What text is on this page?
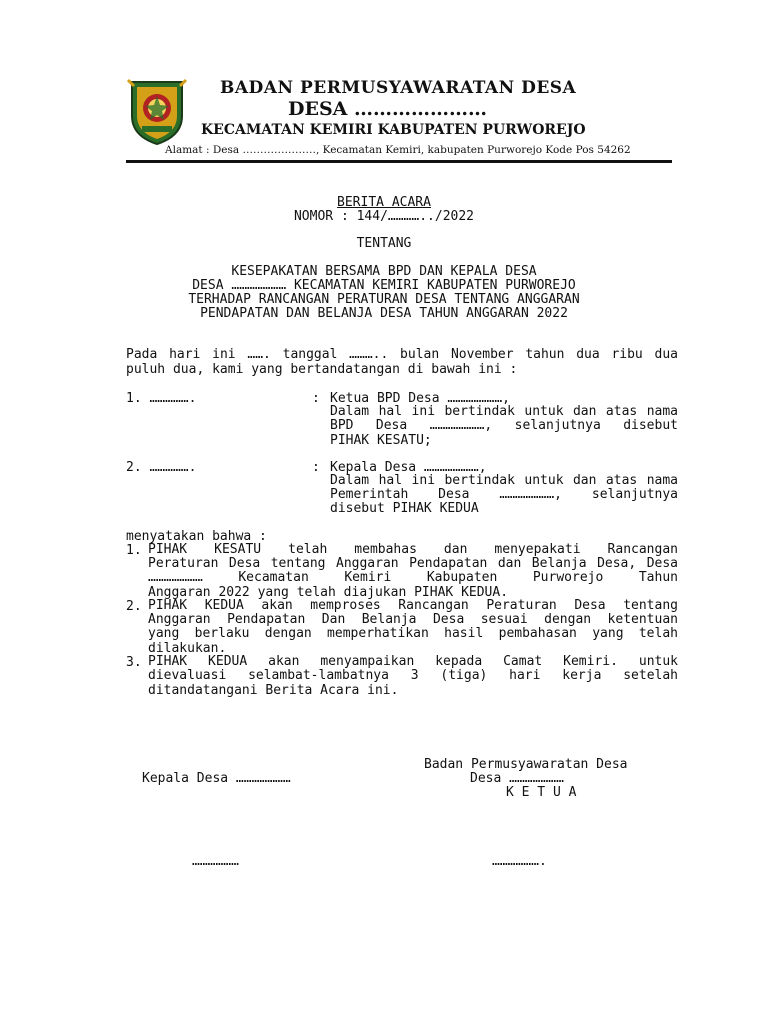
BADAN PERMUSYAWARATAN DESA
DESA …………………
KECAMATAN KEMIRI KABUPATEN PURWOREJO
Alamat : Desa …………………, Kecamatan Kemiri, kabupaten Purworejo Kode Pos 54262
BERITA ACARA
NOMOR : 144/…………../2022
TENTANG
KESEPAKATAN BERSAMA BPD DAN KEPALA DESA
DESA ………………… KECAMATAN KEMIRI KABUPATEN PURWOREJO
TERHADAP RANCANGAN PERATURAN DESA TENTANG ANGGARAN
PENDAPATAN DAN BELANJA DESA TAHUN ANGGARAN 2022
Pada hari ini ……. tanggal ……….. bulan November tahun dua ribu dua
puluh dua, kami yang bertandatangan di bawah ini :
1. …………….	: Ketua BPD Desa …………………,
Dalam hal ini bertindak untuk dan atas nama
BPD Desa …………………, selanjutnya disebut
PIHAK KESATU;
2. …………….	: Kepala Desa …………………,
Dalam hal ini bertindak untuk dan atas nama
Pemerintah Desa …………………, selanjutnya
disebut PIHAK KEDUA
menyatakan bahwa :
1. PIHAK KESATU telah membahas dan menyepakati Rancangan
Peraturan Desa tentang Anggaran Pendapatan dan Belanja Desa, Desa
………………… Kecamatan Kemiri Kabupaten Purworejo Tahun
Anggaran 2022 yang telah diajukan PIHAK KEDUA.
2. PIHAK KEDUA akan memproses Rancangan Peraturan Desa tentang
Anggaran Pendapatan Dan Belanja Desa sesuai dengan ketentuan
yang berlaku dengan memperhatikan hasil pembahasan yang telah
dilakukan.
3. PIHAK KEDUA akan menyampaikan kepada Camat Kemiri. untuk
dievaluasi selambat-lambatnya 3 (tiga) hari kerja setelah
ditandatangani Berita Acara ini.
Badan Permusyawaratan Desa
Kepala Desa …………………	Desa …………………
K E T U A
………………	……………….
